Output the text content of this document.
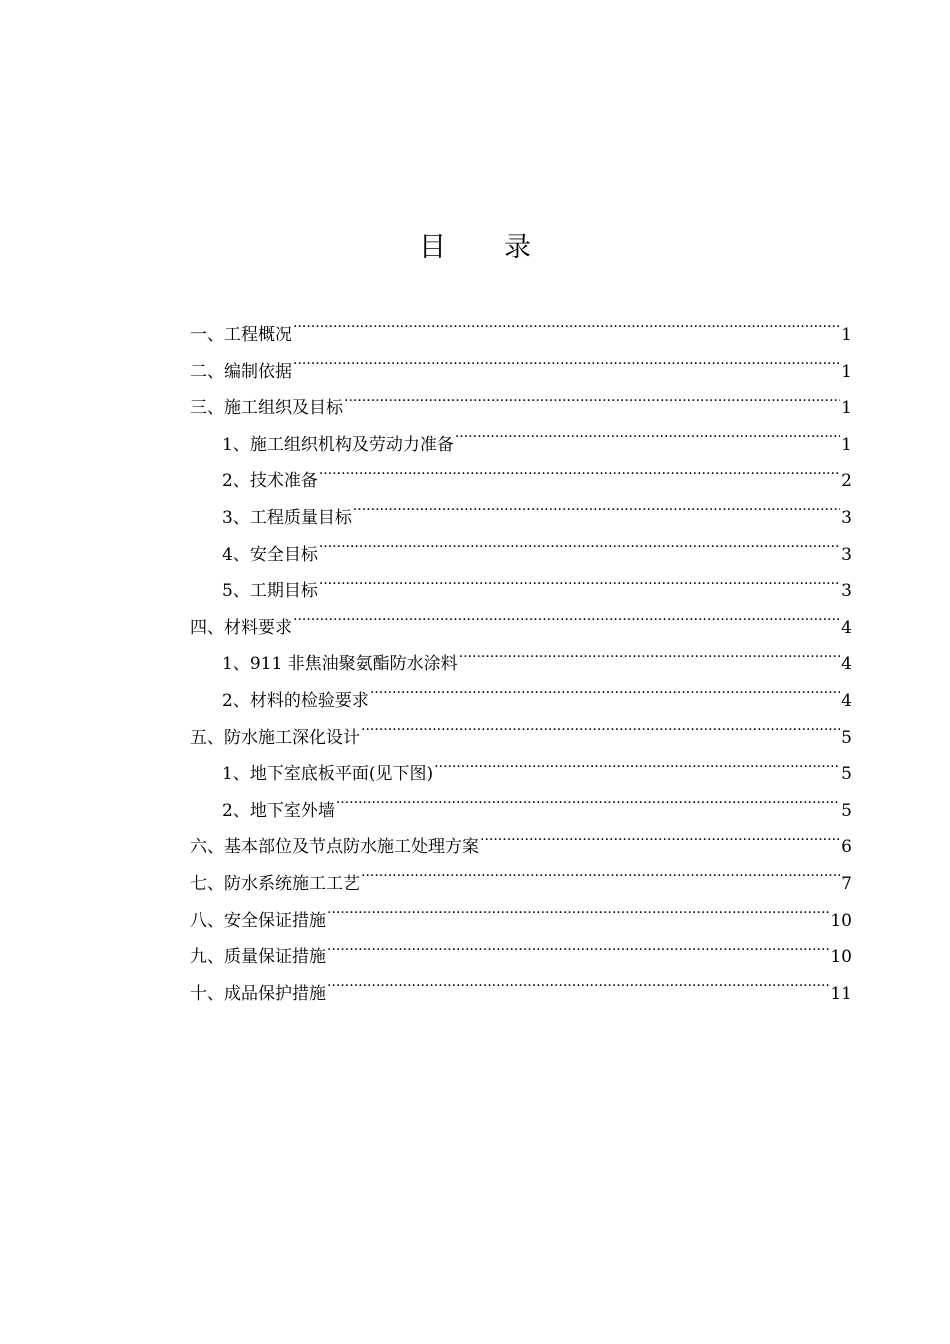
目 录
一、工程概况 .....	1
二、编制依据 .....	1
三、施工组织及目标 .....	1
1、施工组织机构及劳动力准备 .....	1
2、技术准备 .....	2
3、工程质量目标 .....	3
4、安全目标 .....	3
5、工期目标 .....	3
四、材料要求 .....	4
1、911 非焦油聚氨酯防水涂料 .....	4
2、材料的检验要求 .....	4
五、防水施工深化设计 .....	5
1、地下室底板平面(见下图) .....	5
2、地下室外墙 .....	5
六、基本部位及节点防水施工处理方案 .....	6
七、防水系统施工工艺 .....	7
八、安全保证措施 .....	10
九、质量保证措施 .....	10
十、成品保护措施 .....	11
